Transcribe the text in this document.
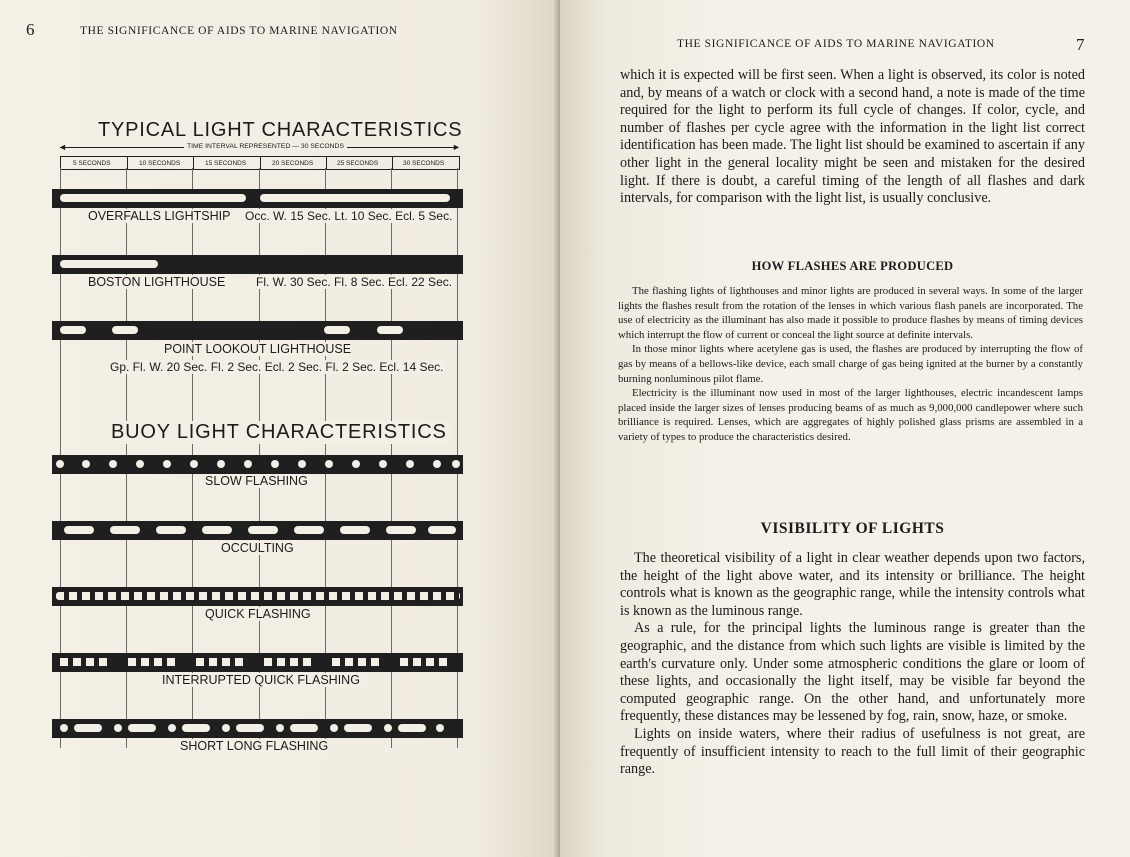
6	THE SIGNIFICANCE OF AIDS TO MARINE NAVIGATION
TYPICAL LIGHT CHARACTERISTICS
◄	►
TIME INTERVAL REPRESENTED — 30 SECONDS
5 SECONDS	10 SECONDS	15 SECONDS	20 SECONDS	25 SECONDS	30 SECONDS
OVERFALLS LIGHTSHIP Occ. W. 15 Sec. Lt. 10 Sec. Ecl. 5 Sec.
BOSTON LIGHTHOUSE	Fl. W. 30 Sec. Fl. 8 Sec. Ecl. 22 Sec.
POINT LOOKOUT LIGHTHOUSE
Gp. Fl. W. 20 Sec. Fl. 2 Sec. Ecl. 2 Sec. Fl. 2 Sec. Ecl. 14 Sec.
BUOY LIGHT CHARACTERISTICS
SLOW FLASHING
OCCULTING
QUICK FLASHING
INTERRUPTED QUICK FLASHING
SHORT LONG FLASHING
THE SIGNIFICANCE OF AIDS TO MARINE NAVIGATION	7

which it is expected will be first seen. When a light is observed, its color is noted and, by means of a watch or clock with a second hand, a note is made of the time required for the light to perform its full cycle of changes. If color, cycle, and number of flashes per cycle agree with the information in the light list correct identification has been made. The light list should be examined to ascertain if any other light in the general locality might be seen and mistaken for the desired light. If there is doubt, a careful timing of the length of all flashes and dark intervals, for comparison with the light list, is usually conclusive.

HOW FLASHES ARE PRODUCED

The flashing lights of lighthouses and minor lights are produced in several ways. In some of the larger lights the flashes result from the rotation of the lenses in which various flash panels are incorporated. The use of electricity as the illuminant has also made it possible to produce flashes by means of timing devices which interrupt the flow of current or conceal the light source at definite intervals.

In those minor lights where acetylene gas is used, the flashes are produced by interrupting the flow of gas by means of a bellows-like device, each small charge of gas being ignited at the burner by a constantly burning nonluminous pilot flame.

Electricity is the illuminant now used in most of the larger lighthouses, electric incandescent lamps placed inside the larger sizes of lenses producing beams of as much as 9,000,000 candlepower where such brilliance is required. Lenses, which are aggregates of highly polished glass prisms are assembled in a variety of types to produce the characteristics desired.

VISIBILITY OF LIGHTS

The theoretical visibility of a light in clear weather depends upon two factors, the height of the light above water, and its intensity or brilliance. The height controls what is known as the geographic range, while the intensity controls what is known as the luminous range.

As a rule, for the principal lights the luminous range is greater than the geographic, and the distance from which such lights are visible is limited by the earth's curvature only. Under some atmospheric conditions the glare or loom of these lights, and occasionally the light itself, may be visible far beyond the computed geographic range. On the other hand, and unfortunately more frequently, these distances may be lessened by fog, rain, snow, haze, or smoke.

Lights on inside waters, where their radius of usefulness is not great, are frequently of insufficient intensity to reach to the full limit of their geographic range.
